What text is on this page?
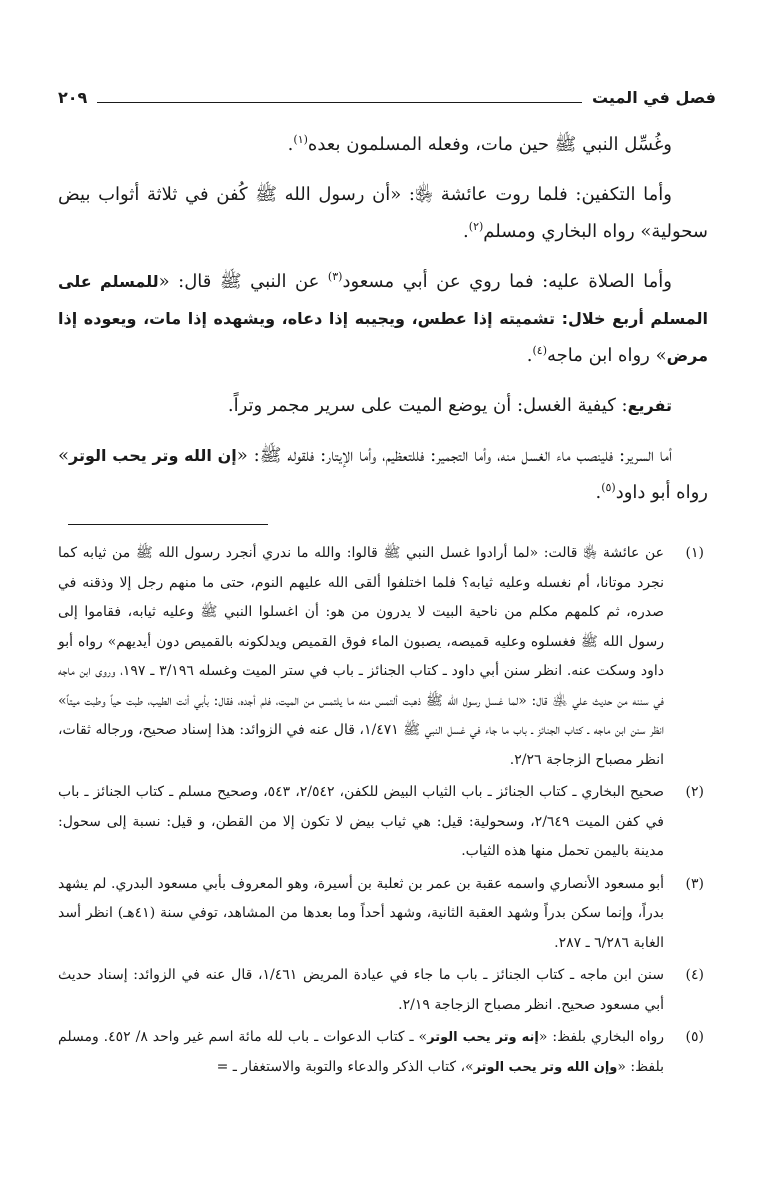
فصل في الميت
٢٠٩

وغُسِّل النبي ﷺ حين مات، وفعله المسلمون بعده$^{(١)}$.

وأما التكفين: فلما روت عائشة ﵂: «أن رسول الله ﷺ كُفن في ثلاثة أثواب بيض سحولية» رواه البخاري ومسلم$^{(٢)}$.

وأما الصلاة عليه: فما روي عن أبي مسعود$^{(٣)}$ عن النبي ﷺ قال: «للمسلم على المسلم أربع خلال: تشميته إذا عطس، ويجيبه إذا دعاه، ويشهده إذا مات، ويعوده إذا مرض» رواه ابن ماجه$^{(٤)}$.

تفريع: كيفية الغسل: أن يوضع الميت على سرير مجمر وتراً.

أما السرير: فلينصب ماء الغسل منه، وأما التجمير: فللتعظيم، وأما الإيتار: فلقوله ﷺ: «إن الله وتر يحب الوتر» رواه أبو داود$^{(٥)}$.

(١)
عن عائشة ﵂ قالت: «لما أرادوا غسل النبي ﷺ قالوا: والله ما ندري أنجرد رسول الله ﷺ من ثيابه كما نجرد موتانا، أم نغسله وعليه ثيابه؟ فلما اختلفوا ألقى الله عليهم النوم، حتى ما منهم رجل إلا وذقنه في صدره، ثم كلمهم مكلم من ناحية البيت لا يدرون من هو: أن اغسلوا النبي ﷺ وعليه ثيابه، فقاموا إلى رسول الله ﷺ فغسلوه وعليه قميصه، يصبون الماء فوق القميص ويدلكونه بالقميص دون أيديهم» رواه أبو داود وسكت عنه. انظر سنن أبي داود ـ كتاب الجنائز ـ باب في ستر الميت وغسله ٣/١٩٦ ـ ١٩٧، وروى ابن ماجه في سننه من حديث علي ﵁ قال: «لما غسل رسول الله ﷺ ذهبت ألتمس منه ما يلتمس من الميت، فلم أجده، فقال: بأبي أنت الطيب، طبت حياً وطبت ميتاً» انظر سنن ابن ماجه ـ كتاب الجنائز ـ باب ما جاء في غسل النبي ﷺ ١/٤٧١، قال عنه في الزوائد: هذا إسناد صحيح، ورجاله ثقات، انظر مصباح الزجاجة ٢/٢٦.
(٢)
صحيح البخاري ـ كتاب الجنائز ـ باب الثياب البيض للكفن، ٢/٥٤٢، ٥٤٣، وصحيح مسلم ـ كتاب الجنائز ـ باب في كفن الميت ٢/٦٤٩، وسحولية: قيل: هي ثياب بيض لا تكون إلا من القطن، و قيل: نسبة إلى سحول: مدينة باليمن تحمل منها هذه الثياب.
(٣)
أبو مسعود الأنصاري واسمه عقبة بن عمر بن ثعلبة بن أسيرة، وهو المعروف بأبي مسعود البدري. لم يشهد بدراً، وإنما سكن بدراً وشهد العقبة الثانية، وشهد أحداً وما بعدها من المشاهد، توفي سنة (٤١هـ) انظر أسد الغابة ٦/٢٨٦ ـ ٢٨٧.
(٤)
سنن ابن ماجه ـ كتاب الجنائز ـ باب ما جاء في عيادة المريض ١/٤٦١، قال عنه في الزوائد: إسناد حديث أبي مسعود صحيح. انظر مصباح الزجاجة ٢/١٩.
(٥)
رواه البخاري بلفظ: «إنه وتر يحب الوتر» ـ كتاب الدعوات ـ باب لله مائة اسم غير واحد ٨/ ٤٥٢. ومسلم بلفظ: «وإن الله وتر يحب الوتر»، كتاب الذكر والدعاء والتوبة والاستغفار ـ =
